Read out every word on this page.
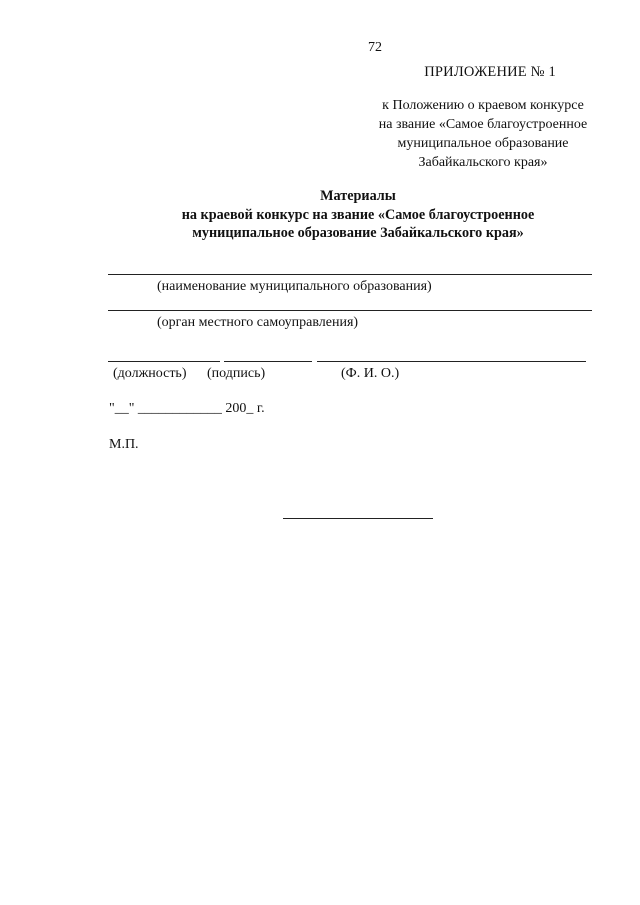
72
ПРИЛОЖЕНИЕ № 1
к Положению о краевом конкурсе
на звание «Самое благоустроенное
муниципальное образование
Забайкальского края»
Материалы
на краевой конкурс на звание «Самое благоустроенное
муниципальное образование Забайкальского края»
(наименование муниципального образования)
(орган местного самоуправления)
(должность) (подпись)	(Ф. И. О.)
"__" ____________ 200_ г.
М.П.
